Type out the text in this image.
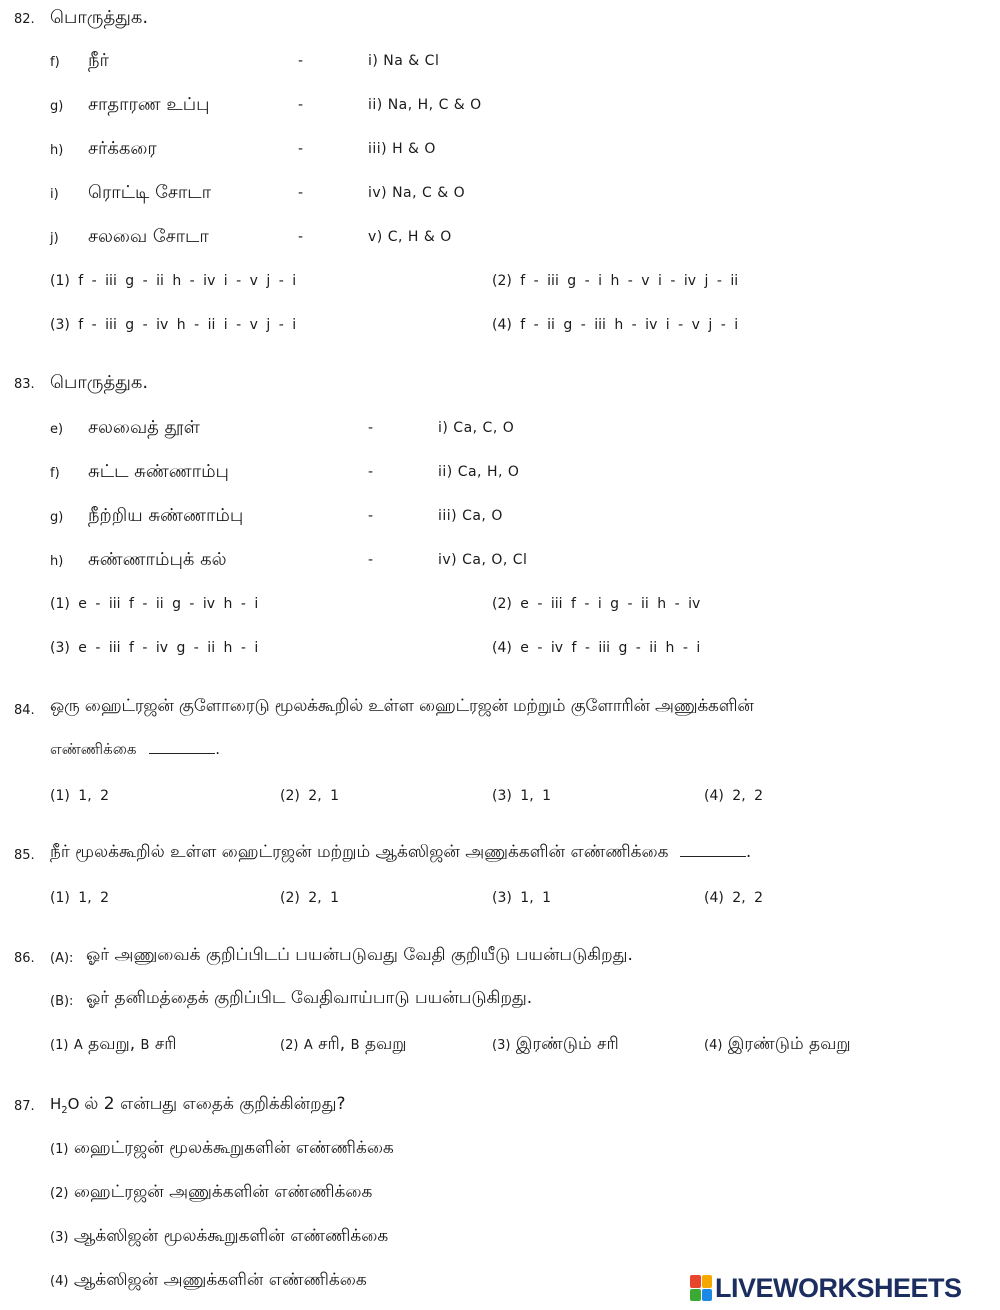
82. பொருத்துக.
f) நீர்	-	i) Na & Cl
g) சாதாரண உப்பு	-	ii) Na, H, C & O
h) சர்க்கரை	-	iii) H & O
i) ரொட்டி சோடா	-	iv) Na, C & O
j) சலவை சோடா	-	v) C, H & O
(1) f - iii g - ii h - iv i - v j - i	(2) f - iii g - i h - v i - iv j - ii
(3) f - iii g - iv h - ii i - v j - i	(4) f - ii g - iii h - iv i - v j - i
83. பொருத்துக.
e) சலவைத் தூள்	-	i) Ca, C, O
f) சுட்ட சுண்ணாம்பு	-	ii) Ca, H, O
g) நீற்றிய சுண்ணாம்பு	-	iii) Ca, O
h) சுண்ணாம்புக் கல்	-	iv) Ca, O, Cl
(1) e - iii f - ii g - iv h - i	(2) e - iii f - i g - ii h - iv
(3) e - iii f - iv g - ii h - i	(4) e - iv f - iii g - ii h - i
84. ஒரு ஹைட்ரஜன் குளோரைடு மூலக்கூறில் உள்ள ஹைட்ரஜன் மற்றும் குளோரின் அணுக்களின்
எண்ணிக்கை	.
(1) 1, 2	(2) 2, 1	(3) 1, 1	(4) 2, 2
85. நீர் மூலக்கூறில் உள்ள ஹைட்ரஜன் மற்றும் ஆக்ஸிஜன் அணுக்களின் எண்ணிக்கை	.
(1) 1, 2	(2) 2, 1	(3) 1, 1	(4) 2, 2
86. (A): ஓர் அணுவைக் குறிப்பிடப் பயன்படுவது வேதி குறியீடு பயன்படுகிறது.
(B): ஓர் தனிமத்தைக் குறிப்பிட வேதிவாய்பாடு பயன்படுகிறது.
(1) A தவறு, B சரி	(2) A சரி, B தவறு	(3) இரண்டும் சரி	(4) இரண்டும் தவறு
87. $H_2O$ ல் 2 என்பது எதைக் குறிக்கின்றது?
(1) ஹைட்ரஜன் மூலக்கூறுகளின் எண்ணிக்கை
(2) ஹைட்ரஜன் அணுக்களின் எண்ணிக்கை
(3) ஆக்ஸிஜன் மூலக்கூறுகளின் எண்ணிக்கை
(4) ஆக்ஸிஜன் அணுக்களின் எண்ணிக்கை	LIVEWORKSHEETS
